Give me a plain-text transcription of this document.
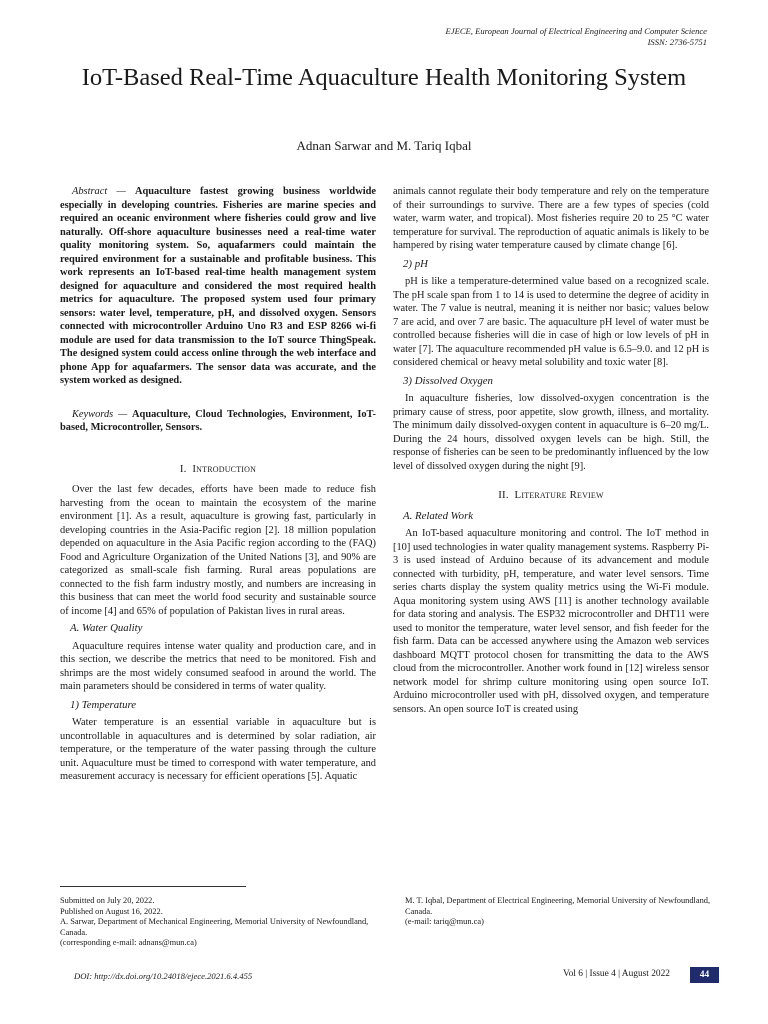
EJECE, European Journal of Electrical Engineering and Computer Science
ISSN: 2736-5751
IoT-Based Real-Time Aquaculture Health Monitoring System
Adnan Sarwar and M. Tariq Iqbal

Abstract — Aquaculture fastest growing business worldwide especially in developing countries. Fisheries are marine species and required an oceanic environment where fisheries could grow and live naturally. Off-shore aquaculture businesses need a real-time water quality monitoring system. So, aquafarmers could maintain the required environment for a sustainable and profitable business. This work represents an IoT-based real-time health management system designed for aquaculture and considered the most required health metrics for aquaculture. The proposed system used four primary sensors: water level, temperature, pH, and dissolved oxygen. Sensors connected with microcontroller Arduino Uno R3 and ESP 8266 wi-fi module are used for data transmission to the IoT source ThingSpeak. The designed system could access online through the web interface and phone App for aquafarmers. The sensor data was accurate, and the system worked as designed.

Keywords — Aquaculture, Cloud Technologies, Environment, IoT-based, Microcontroller, Sensors.

I. Introduction

Over the last few decades, efforts have been made to reduce fish harvesting from the ocean to maintain the ecosystem of the marine environment [1]. As a result, aquaculture is growing fast, particularly in developing countries in the Asia-Pacific region [2]. 18 million population depended on aquaculture in the Asia Pacific region according to the (FAQ) Food and Agriculture Organization of the United Nations [3], and 90% are categorized as small-scale fish farming. Rural areas populations are connected to the fish farm industry mostly, and numbers are increasing in this business that can meet the world food security and sustainable source of income [4] and 65% of population of Pakistan lives in rural areas.

A. Water Quality

Aquaculture requires intense water quality and production care, and in this section, we describe the metrics that need to be monitored. Fish and shrimps are the most widely consumed seafood in around the world. The main parameters should be considered in terms of water quality.

1) Temperature

Water temperature is an essential variable in aquaculture but is uncontrollable in aquacultures and is determined by solar radiation, air temperature, or the temperature of the water passing through the culture unit. Aquaculture must be timed to correspond with water temperature, and measurement accuracy is necessary for efficient operations [5]. Aquatic

animals cannot regulate their body temperature and rely on the temperature of their surroundings to survive. There are a few types of species (cold water, warm water, and tropical). Most fisheries require 20 to 25 °C water temperature for survival. The reproduction of aquatic animals is likely to be hampered by rising water temperature caused by climate change [6].

2) pH

pH is like a temperature-determined value based on a recognized scale. The pH scale span from 1 to 14 is used to determine the degree of acidity in water. The 7 value is neutral, meaning it is neither nor basic; values below 7 are acid, and over 7 are basic. The aquaculture pH level of water must be controlled because fisheries will die in case of high or low levels of pH in water [7]. The aquaculture recommended pH value is 6.5–9.0. and 12 pH is considered chemical or heavy metal solubility and toxic water [8].

3) Dissolved Oxygen

In aquaculture fisheries, low dissolved-oxygen concentration is the primary cause of stress, poor appetite, slow growth, illness, and mortality. The minimum daily dissolved-oxygen content in aquaculture is 6–20 mg/L. During the 24 hours, dissolved oxygen levels can be high. Still, the response of fisheries can be seen to be predominantly influenced by the low level of dissolved oxygen during the night [9].

II. Literature Review
A. Related Work

An IoT-based aquaculture monitoring and control. The IoT method in [10] used technologies in water quality management systems. Raspberry Pi-3 is used instead of Arduino because of its advancement and module connected with turbidity, pH, temperature, and water level sensors. Time series charts display the system quality metrics using the Wi-Fi module. Aqua monitoring system using AWS [11] is another technology available for data storing and analysis. The ESP32 microcontroller and DHT11 were used to monitor the temperature, water level sensor, and fish feeder for the fish farm. Data can be accessed anywhere using the Amazon web services dashboard MQTT protocol chosen for transmitting the data to the AWS cloud from the microcontroller. Another work found in [12] wireless sensor network model for shrimp culture monitoring using open source IoT. Arduino microcontroller used with pH, dissolved oxygen, and temperature sensors. An open source IoT is created using

Submitted on July 20, 2022.
Published on August 16, 2022.
A. Sarwar, Department of Mechanical Engineering, Memorial University of Newfoundland, Canada.
(corresponding e-mail: adnans@mun.ca)
M. T. Iqbal, Department of Electrical Engineering, Memorial University of Newfoundland, Canada.
(e-mail: tariq@mun.ca)
DOI: http://dx.doi.org/10.24018/ejece.2021.6.4.455	Vol 6 | Issue 4 | August 2022	44
